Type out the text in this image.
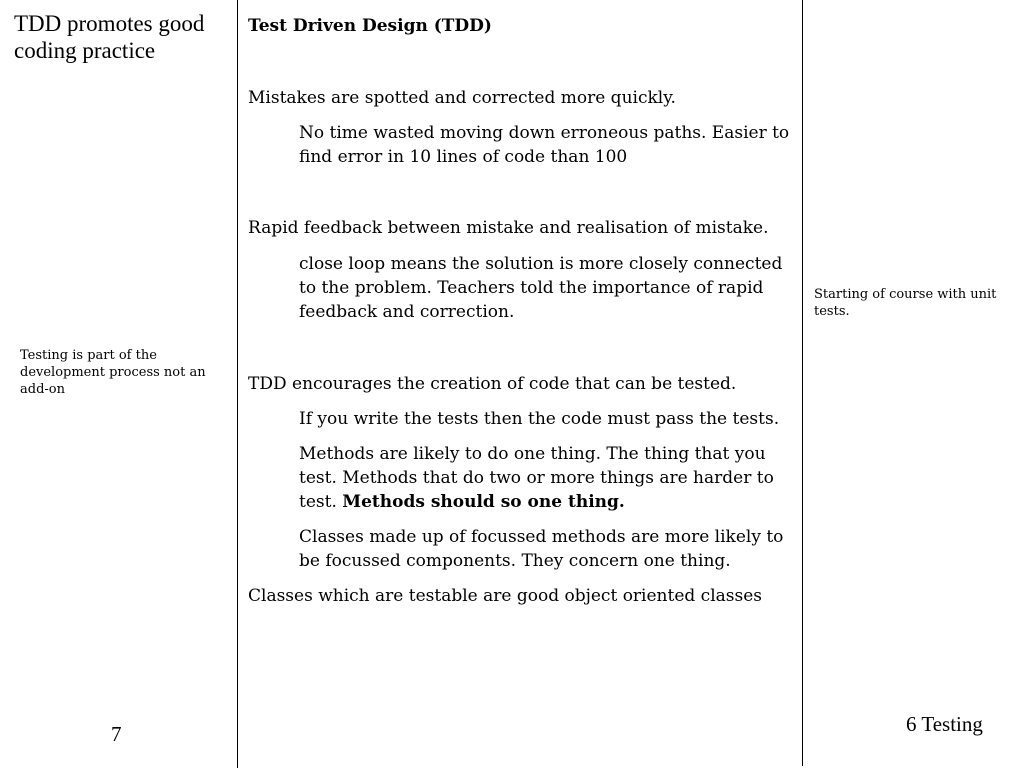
TDD promotes good coding practice
Testing is part of the development process not an add-on
7

Test Driven Design (TDD)

Mistakes are spotted and corrected more quickly.

No time wasted moving down erroneous paths. Easier to find error in 10 lines of code than 100

Rapid feedback between mistake and realisation of mistake.

close loop means the solution is more closely connected to the problem. Teachers told the importance of rapid feedback and correction.

TDD encourages the creation of code that can be tested.

If you write the tests then the code must pass the tests.

Methods are likely to do one thing. The thing that you test. Methods that do two or more things are harder to test. Methods should so one thing.

Classes made up of focussed methods are more likely to be focussed components. They concern one thing.

Classes which are testable are good object oriented classes

Starting of course with unit tests.
6 Testing
